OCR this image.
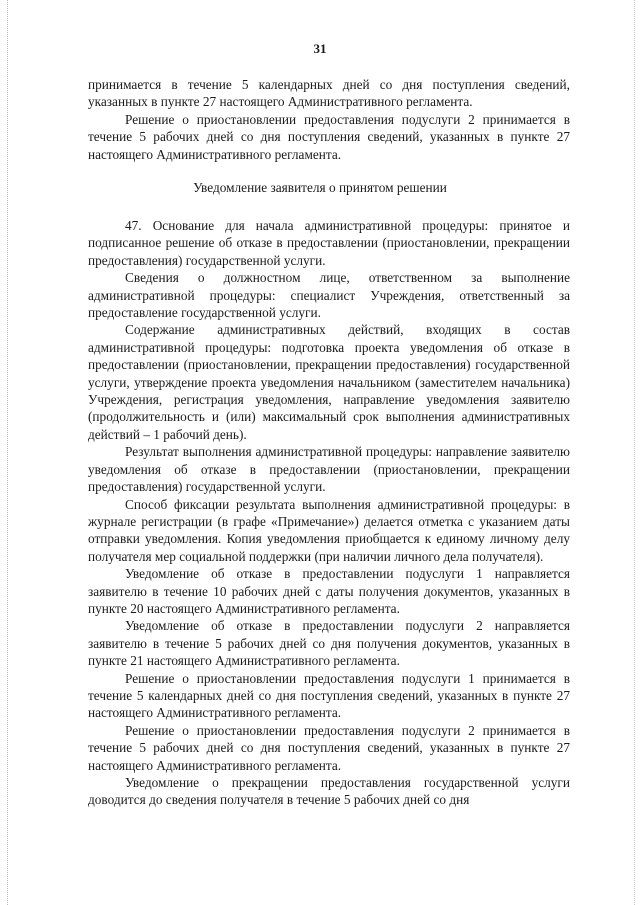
31

принимается в течение 5 календарных дней со дня поступления сведений, указанных в пункте 27 настоящего Административного регламента.

Решение о приостановлении предоставления подуслуги 2 принимается в течение 5 рабочих дней со дня поступления сведений, указанных в пункте 27 настоящего Административного регламента.

Уведомление заявителя о принятом решении

47. Основание для начала административной процедуры: принятое и подписанное решение об отказе в предоставлении (приостановлении, прекращении предоставления) государственной услуги.

Сведения о должностном лице, ответственном за выполнение административной процедуры: специалист Учреждения, ответственный за предоставление государственной услуги.

Содержание административных действий, входящих в состав административной процедуры: подготовка проекта уведомления об отказе в предоставлении (приостановлении, прекращении предоставления) государственной услуги, утверждение проекта уведомления начальником (заместителем начальника) Учреждения, регистрация уведомления, направление уведомления заявителю (продолжительность и (или) максимальный срок выполнения административных действий – 1 рабочий день).

Результат выполнения административной процедуры: направление заявителю уведомления об отказе в предоставлении (приостановлении, прекращении предоставления) государственной услуги.

Способ фиксации результата выполнения административной процедуры: в журнале регистрации (в графе «Примечание») делается отметка с указанием даты отправки уведомления. Копия уведомления приобщается к единому личному делу получателя мер социальной поддержки (при наличии личного дела получателя).

Уведомление об отказе в предоставлении подуслуги 1 направляется заявителю в течение 10 рабочих дней с даты получения документов, указанных в пункте 20 настоящего Административного регламента.

Уведомление об отказе в предоставлении подуслуги 2 направляется заявителю в течение 5 рабочих дней со дня получения документов, указанных в пункте 21 настоящего Административного регламента.

Решение о приостановлении предоставления подуслуги 1 принимается в течение 5 календарных дней со дня поступления сведений, указанных в пункте 27 настоящего Административного регламента.

Решение о приостановлении предоставления подуслуги 2 принимается в течение 5 рабочих дней со дня поступления сведений, указанных в пункте 27 настоящего Административного регламента.

Уведомление о прекращении предоставления государственной услуги доводится до сведения получателя в течение 5 рабочих дней со дня
